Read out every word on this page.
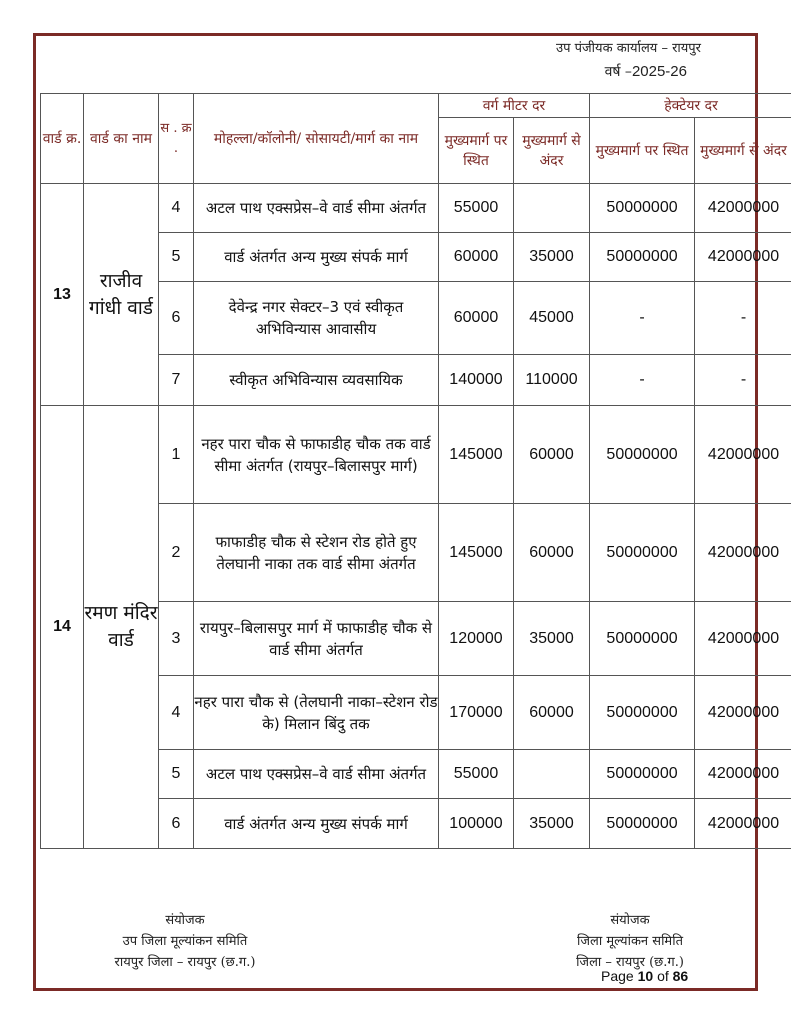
उप पंजीयक कार्यालय – रायपुर
वर्ष –2025-26
वार्ड क्र.	वार्ड का नाम	स . क्र .	मोहल्ला/कॉलोनी/ सोसायटी/मार्ग का नाम	वर्ग मीटर दर		हेक्टेयर दर	
				मुख्यमार्ग पर स्थित	मुख्यमार्ग से अंदर	मुख्यमार्ग पर स्थित	मुख्यमार्ग से अंदर
13	राजीव गांधी वार्ड	4	अटल पाथ एक्सप्रेस–वे वार्ड सीमा अंतर्गत	55000		50000000	42000000
		5	वार्ड अंतर्गत अन्य मुख्य संपर्क मार्ग	60000	35000	50000000	42000000
		6	देवेन्द्र नगर सेक्टर–3 एवं स्वीकृत अभिविन्यास आवासीय	60000	45000	-	-
		7	स्वीकृत अभिविन्यास व्यवसायिक	140000	110000	-	-
14	रमण मंदिर वार्ड	1	नहर पारा चौक से फाफाडीह चौक तक वार्ड सीमा अंतर्गत (रायपुर–बिलासपुर मार्ग)	145000	60000	50000000	42000000
		2	फाफाडीह चौक से स्टेशन रोड होते हुए तेलघानी नाका तक वार्ड सीमा अंतर्गत	145000	60000	50000000	42000000
		3	रायपुर–बिलासपुर मार्ग में फाफाडीह चौक से वार्ड सीमा अंतर्गत	120000	35000	50000000	42000000
		4	नहर पारा चौक से (तेलघानी नाका–स्टेशन रोड के) मिलान बिंदु तक	170000	60000	50000000	42000000
		5	अटल पाथ एक्सप्रेस–वे वार्ड सीमा अंतर्गत	55000		50000000	42000000
		6	वार्ड अंतर्गत अन्य मुख्य संपर्क मार्ग	100000	35000	50000000	42000000
संयोजक
उप जिला मूल्यांकन समिति
रायपुर जिला – रायपुर (छ.ग.)
संयोजक
जिला मूल्यांकन समिति
जिला – रायपुर (छ.ग.)
Page 10 of 86
